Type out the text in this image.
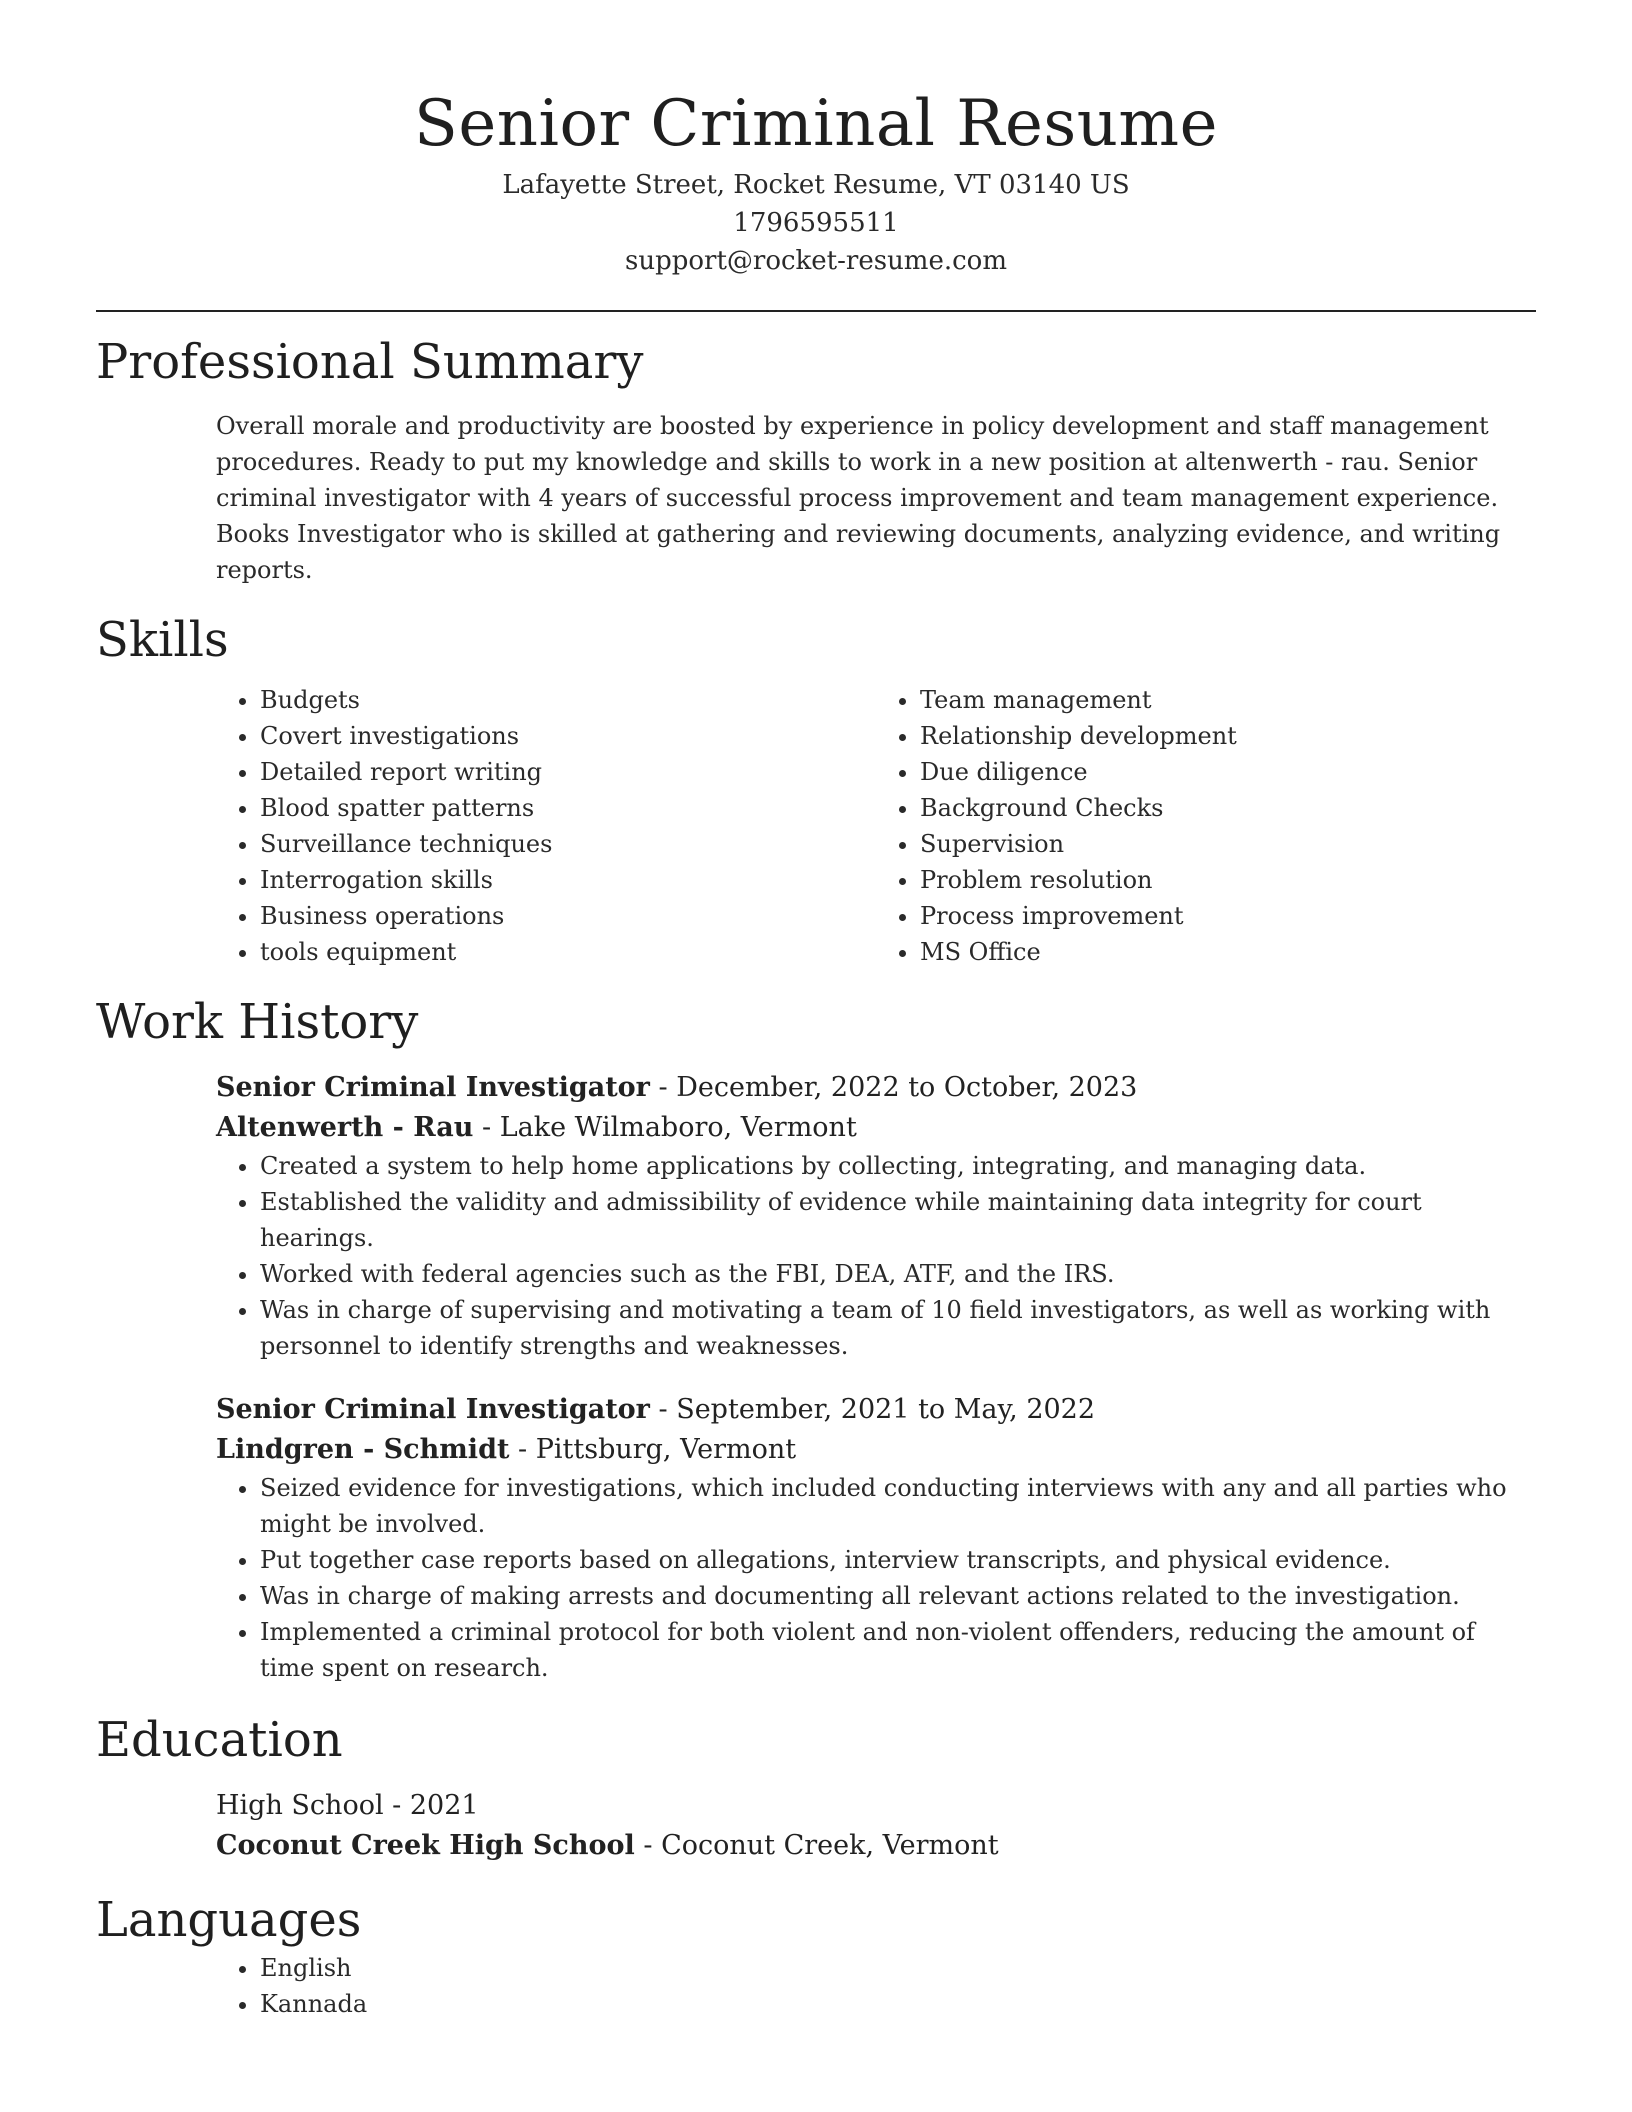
Senior Criminal Resume
Lafayette Street, Rocket Resume, VT 03140 US
1796595511
support@rocket-resume.com
Professional Summary

Overall morale and productivity are boosted by experience in policy development and staff management procedures. Ready to put my knowledge and skills to work in a new position at altenwerth - rau. Senior criminal investigator with 4 years of successful process improvement and team management experience. Books Investigator who is skilled at gathering and reviewing documents, analyzing evidence, and writing reports.

Skills
• Budgets
• Covert investigations
• Detailed report writing
• Blood spatter patterns
• Surveillance techniques
• Interrogation skills
• Business operations
• tools equipment
• Team management
• Relationship development
• Due diligence
• Background Checks
• Supervision
• Problem resolution
• Process improvement
• MS Office
Work History
Senior Criminal Investigator - December, 2022 to October, 2023
Altenwerth - Rau - Lake Wilmaboro, Vermont
• Created a system to help home applications by collecting, integrating, and managing data.
• Established the validity and admissibility of evidence while maintaining data integrity for court hearings.
• Worked with federal agencies such as the FBI, DEA, ATF, and the IRS.
• Was in charge of supervising and motivating a team of 10 field investigators, as well as working with personnel to identify strengths and weaknesses.
Senior Criminal Investigator - September, 2021 to May, 2022
Lindgren - Schmidt - Pittsburg, Vermont
• Seized evidence for investigations, which included conducting interviews with any and all parties who might be involved.
• Put together case reports based on allegations, interview transcripts, and physical evidence.
• Was in charge of making arrests and documenting all relevant actions related to the investigation.
• Implemented a criminal protocol for both violent and non-violent offenders, reducing the amount of time spent on research.
Education
High School - 2021
Coconut Creek High School - Coconut Creek, Vermont
Languages
• English
• Kannada
